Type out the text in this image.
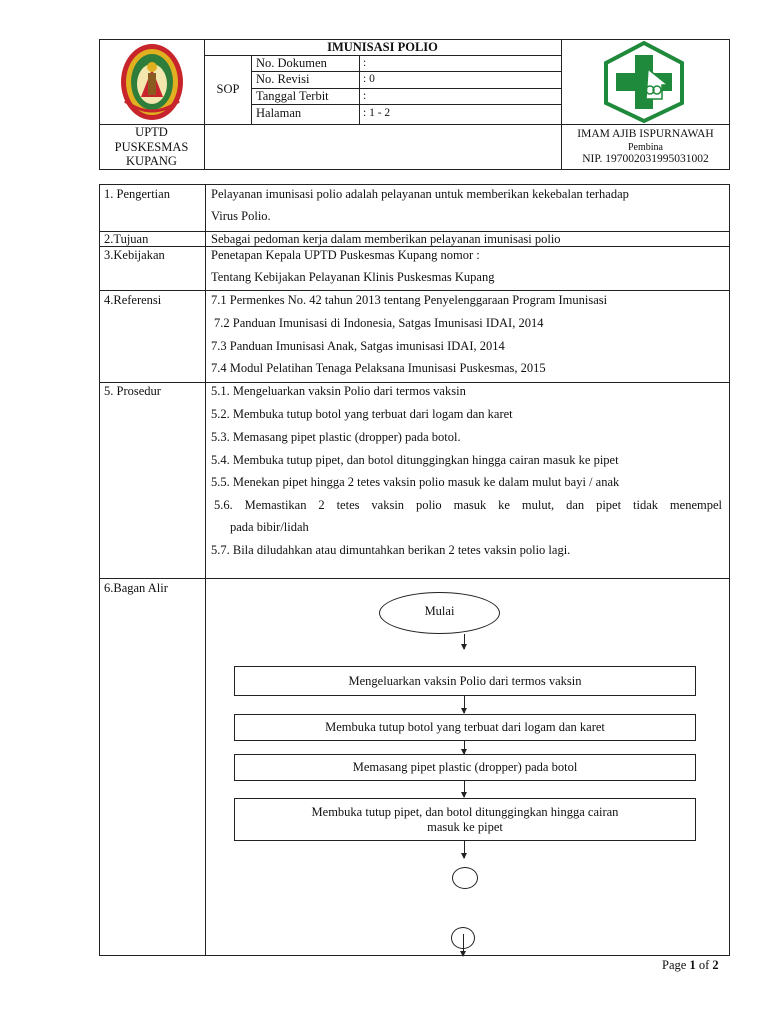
IMUNISASI POLIO
SOP
No. Dokumen	:
No. Revisi	: 0
Tanggal Terbit	:
Halaman	: 1 - 2
UPTD
PUSKESMAS
KUPANG
IMAM AJIB ISPURNAWAH
Pembina
NIP. 197002031995031002
1. Pengertian	Pelayanan imunisasi polio adalah pelayanan untuk memberikan kekebalan terhadap
Virus Polio.
2.Tujuan	Sebagai pedoman kerja dalam memberikan pelayanan imunisasi polio
3.Kebijakan	Penetapan Kepala UPTD Puskesmas Kupang nomor :
Tentang Kebijakan Pelayanan Klinis Puskesmas Kupang
4.Referensi	7.1 Permenkes No. 42 tahun 2013 tentang Penyelenggaraan Program Imunisasi
7.2 Panduan Imunisasi di Indonesia, Satgas Imunisasi IDAI, 2014
7.3 Panduan Imunisasi Anak, Satgas imunisasi IDAI, 2014
7.4 Modul Pelatihan Tenaga Pelaksana Imunisasi Puskesmas, 2015
5. Prosedur	5.1. Mengeluarkan vaksin Polio dari termos vaksin
5.2. Membuka tutup botol yang terbuat dari logam dan karet
5.3. Memasang pipet plastic (dropper) pada botol.
5.4. Membuka tutup pipet, dan botol ditunggingkan hingga cairan masuk ke pipet
5.5. Menekan pipet hingga 2 tetes vaksin polio masuk ke dalam mulut bayi / anak
5.6. Memastikan 2 tetes vaksin polio masuk ke mulut, dan pipet tidak menempel
pada bibir/lidah
5.7. Bila diludahkan atau dimuntahkan berikan 2 tetes vaksin polio lagi.
6.Bagan Alir
Mulai
Mengeluarkan vaksin Polio dari termos vaksin
Membuka tutup botol yang terbuat dari logam dan karet
Memasang pipet plastic (dropper) pada botol
Membuka tutup pipet, dan botol ditunggingkan hingga cairan masuk ke pipet
Page 1 of 2
